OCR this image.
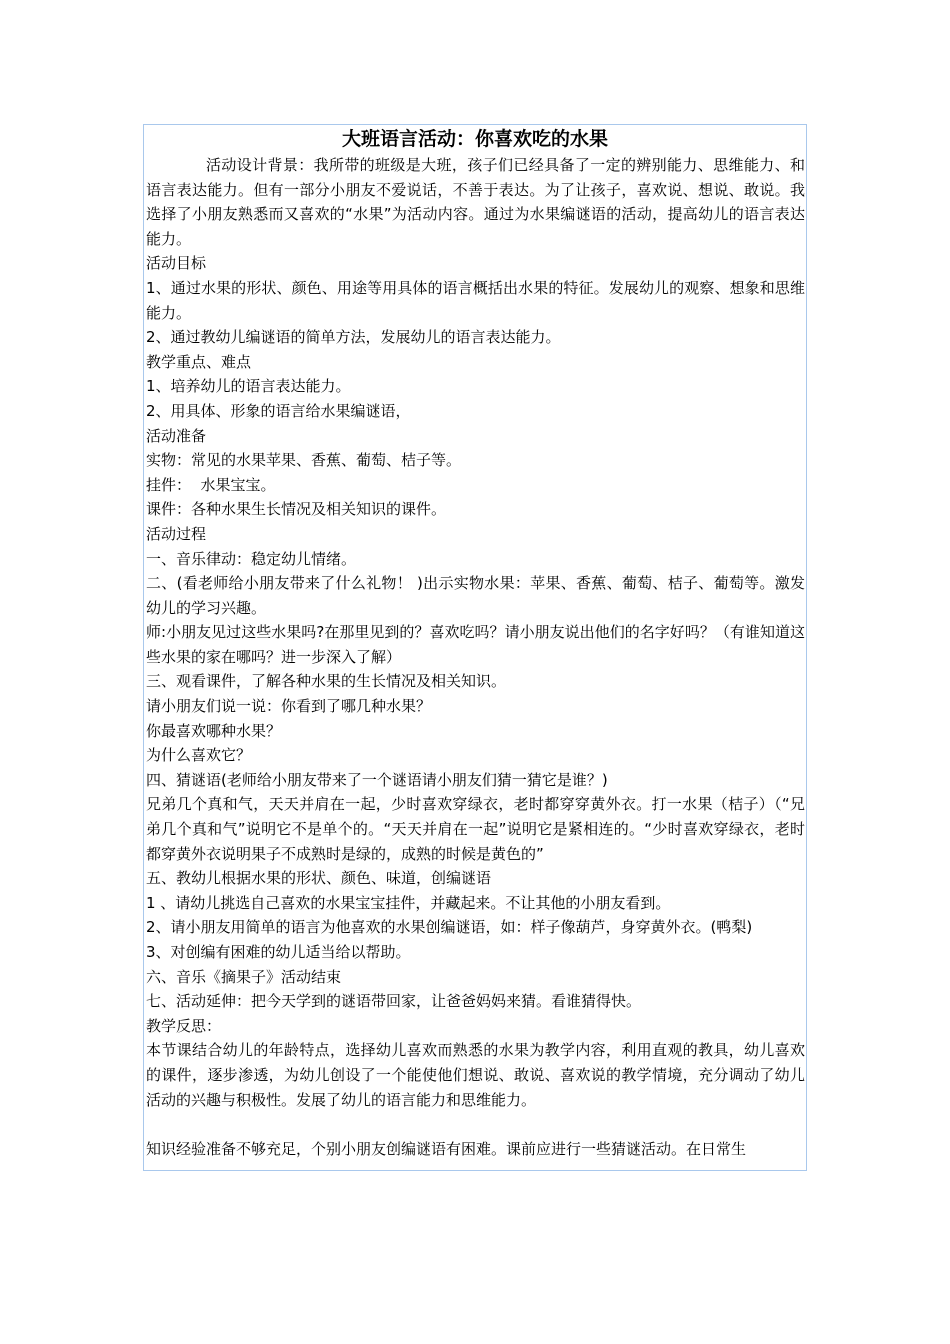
大班语言活动：你喜欢吃的水果

活动设计背景：我所带的班级是大班，孩子们已经具备了一定的辨别能力、思维能力、和语言表达能力。但有一部分小朋友不爱说话，不善于表达。为了让孩子，喜欢说、想说、敢说。我选择了小朋友熟悉而又喜欢的“水果”为活动内容。通过为水果编谜语的活动，提高幼儿的语言表达能力。

活动目标

1、通过水果的形状、颜色、用途等用具体的语言概括出水果的特征。发展幼儿的观察、想象和思维能力。

2、通过教幼儿编谜语的简单方法，发展幼儿的语言表达能力。

教学重点、难点

1、培养幼儿的语言表达能力。

2、用具体、形象的语言给水果编谜语，

活动准备

实物：常见的水果苹果、香蕉、葡萄、桔子等。

挂件：  水果宝宝。

课件：各种水果生长情况及相关知识的课件。

活动过程

一、音乐律动：稳定幼儿情绪。

二、(看老师给小朋友带来了什么礼物！ )出示实物水果：苹果、香蕉、葡萄、桔子、葡萄等。激发幼儿的学习兴趣。

师:小朋友见过这些水果吗?在那里见到的？喜欢吃吗？请小朋友说出他们的名字好吗？（有谁知道这些水果的家在哪吗？进一步深入了解）

三、观看课件，了解各种水果的生长情况及相关知识。

请小朋友们说一说：你看到了哪几种水果？

你最喜欢哪种水果？

为什么喜欢它？

四、猜谜语(老师给小朋友带来了一个谜语请小朋友们猜一猜它是谁？)

兄弟几个真和气，天天并肩在一起，少时喜欢穿绿衣，老时都穿穿黄外衣。打一水果（桔子）（“兄弟几个真和气”说明它不是单个的。“天天并肩在一起”说明它是紧相连的。“少时喜欢穿绿衣，老时都穿黄外衣说明果子不成熟时是绿的，成熟的时候是黄色的”

五、教幼儿根据水果的形状、颜色、味道，创编谜语

1 、请幼儿挑选自己喜欢的水果宝宝挂件，并藏起来。不让其他的小朋友看到。

2、请小朋友用简单的语言为他喜欢的水果创编谜语，如：样子像葫芦，身穿黄外衣。(鸭梨)

3、对创编有困难的幼儿适当给以帮助。

六、音乐《摘果子》活动结束

七、活动延伸：把今天学到的谜语带回家，让爸爸妈妈来猜。看谁猜得快。

教学反思：

本节课结合幼儿的年龄特点，选择幼儿喜欢而熟悉的水果为教学内容，利用直观的教具，幼儿喜欢的课件，逐步渗透，为幼儿创设了一个能使他们想说、敢说、喜欢说的教学情境，充分调动了幼儿活动的兴趣与积极性。发展了幼儿的语言能力和思维能力。

知识经验准备不够充足，个别小朋友创编谜语有困难。课前应进行一些猜谜活动。在日常生
